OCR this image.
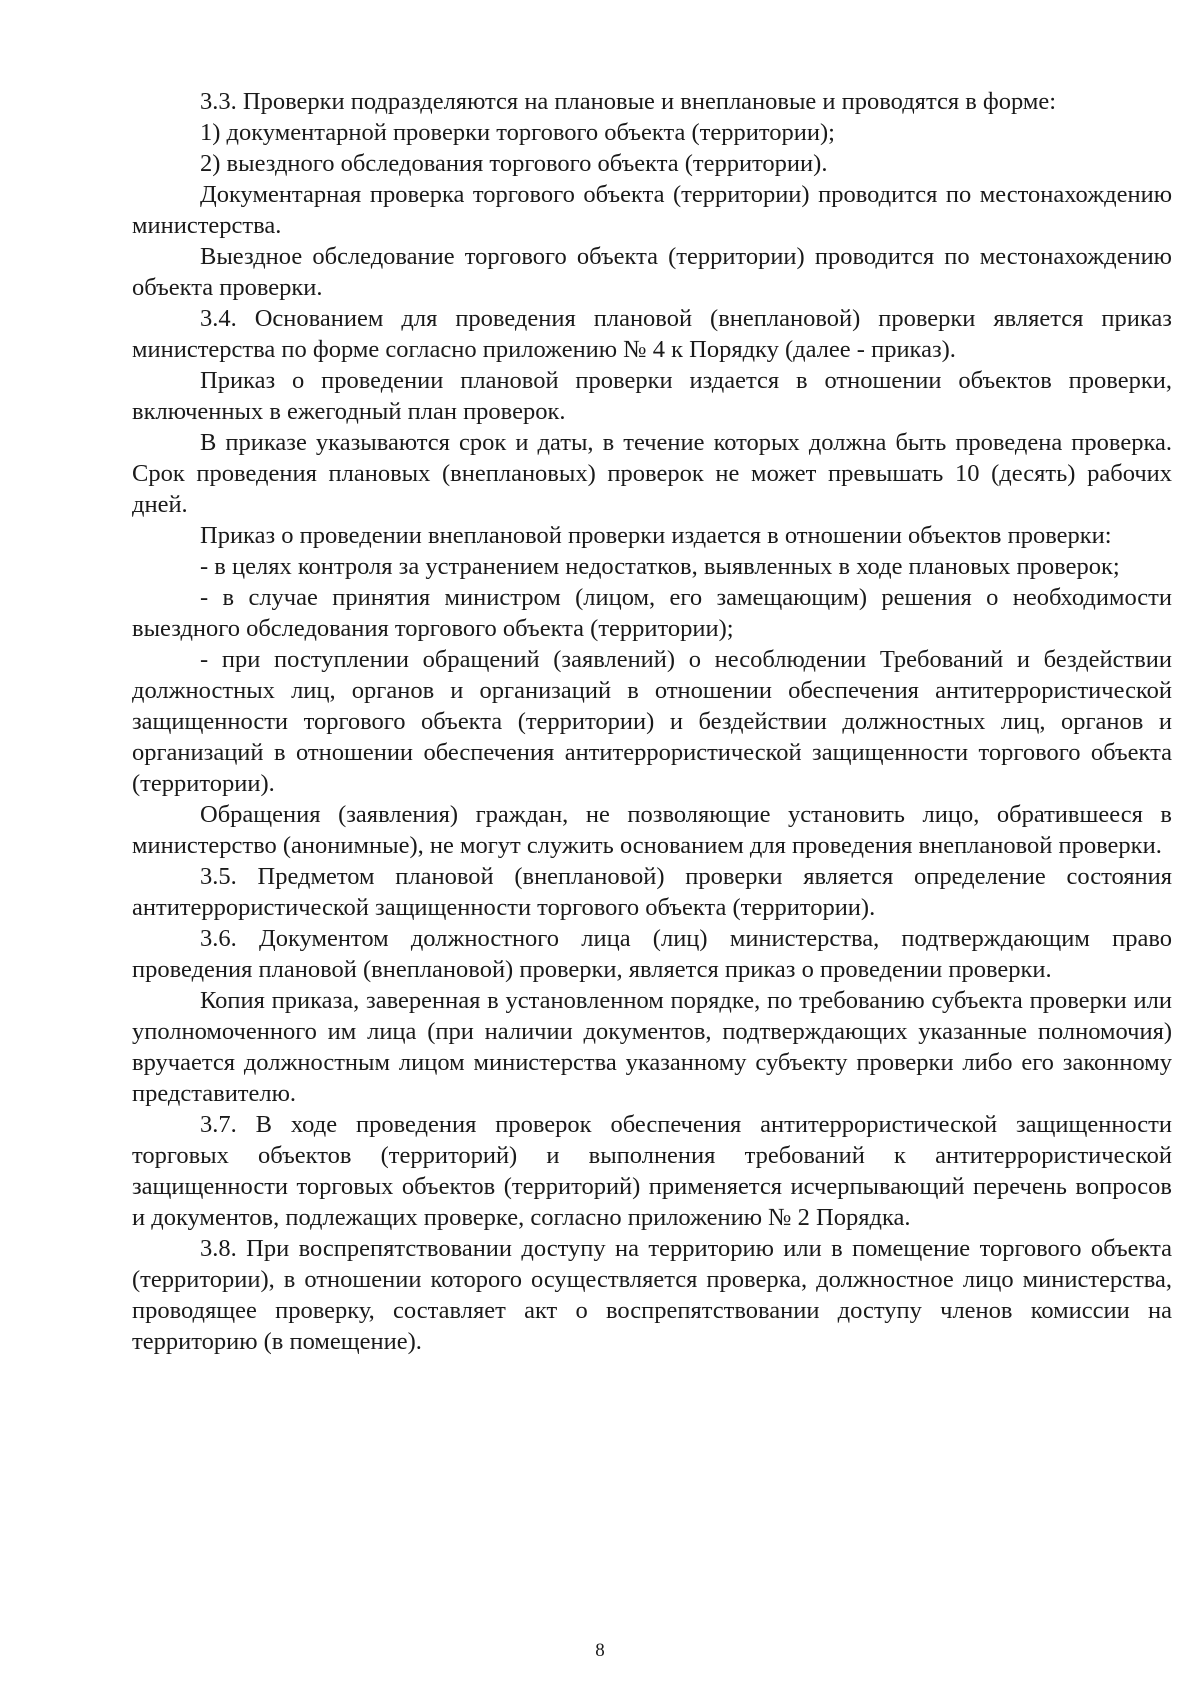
3.3. Проверки подразделяются на плановые и внеплановые и проводятся в форме:

1) документарной проверки торгового объекта (территории);

2) выездного обследования торгового объекта (территории).

Документарная проверка торгового объекта (территории) проводится по местонахождению министерства.

Выездное обследование торгового объекта (территории) проводится по местонахождению объекта проверки.

3.4. Основанием для проведения плановой (внеплановой) проверки является приказ министерства по форме согласно приложению № 4 к Порядку (далее - приказ).

Приказ о проведении плановой проверки издается в отношении объектов проверки, включенных в ежегодный план проверок.

В приказе указываются срок и даты, в течение которых должна быть проведена проверка. Срок проведения плановых (внеплановых) проверок не может превышать 10 (десять) рабочих дней.

Приказ о проведении внеплановой проверки издается в отношении объектов проверки:

- в целях контроля за устранением недостатков, выявленных в ходе плановых проверок;

- в случае принятия министром (лицом, его замещающим) решения о необходимости выездного обследования торгового объекта (территории);

- при поступлении обращений (заявлений) о несоблюдении Требований и бездействии должностных лиц, органов и организаций в отношении обеспечения антитеррористической защищенности торгового объекта (территории) и бездействии должностных лиц, органов и организаций в отношении обеспечения антитеррористической защищенности торгового объекта (территории).

Обращения (заявления) граждан, не позволяющие установить лицо, обратившееся в министерство (анонимные), не могут служить основанием для проведения внеплановой проверки.

3.5. Предметом плановой (внеплановой) проверки является определение состояния антитеррористической защищенности торгового объекта (территории).

3.6. Документом должностного лица (лиц) министерства, подтверждающим право проведения плановой (внеплановой) проверки, является приказ о проведении проверки.

Копия приказа, заверенная в установленном порядке, по требованию субъекта проверки или уполномоченного им лица (при наличии документов, подтверждающих указанные полномочия) вручается должностным лицом министерства указанному субъекту проверки либо его законному представителю.

3.7. В ходе проведения проверок обеспечения антитеррористической защищенности торговых объектов (территорий) и выполнения требований к антитеррористической защищенности торговых объектов (территорий) применяется исчерпывающий перечень вопросов и документов, подлежащих проверке, согласно приложению № 2 Порядка.

3.8. При воспрепятствовании доступу на территорию или в помещение торгового объекта (территории), в отношении которого осуществляется проверка, должностное лицо министерства, проводящее проверку, составляет акт о воспрепятствовании доступу членов комиссии на территорию (в помещение).

8
